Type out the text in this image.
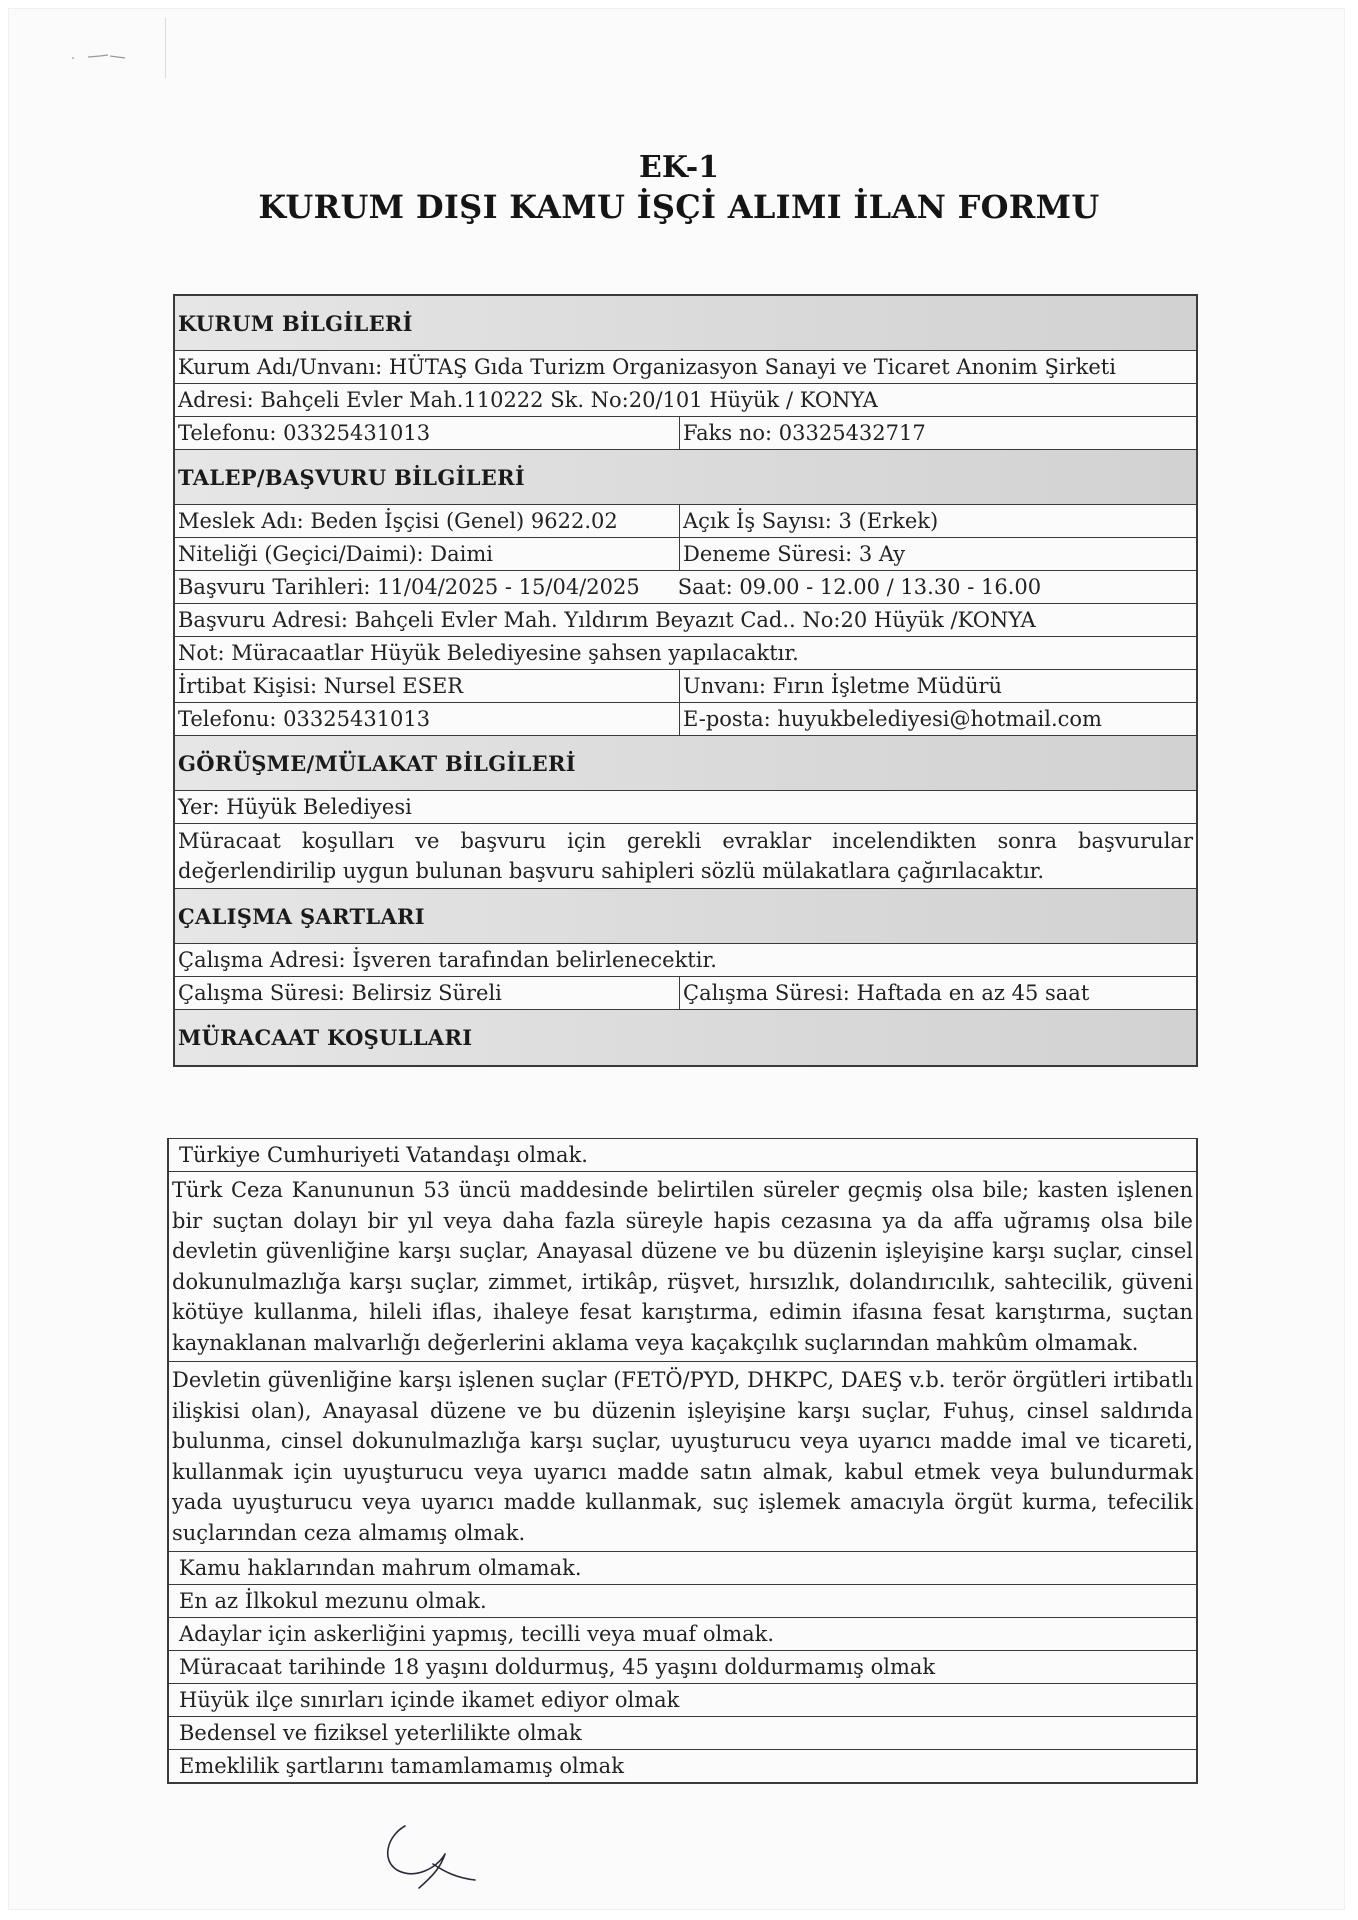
EK-1
KURUM DIŞI KAMU İŞÇİ ALIMI İLAN FORMU
KURUM BİLGİLERİ
Kurum Adı/Unvanı: HÜTAŞ Gıda Turizm Organizasyon Sanayi ve Ticaret Anonim Şirketi
Adresi: Bahçeli Evler Mah.110222 Sk. No:20/101 Hüyük / KONYA
Telefonu: 03325431013	Faks no: 03325432717
TALEP/BAŞVURU BİLGİLERİ
Meslek Adı: Beden İşçisi (Genel) 9622.02	Açık İş Sayısı: 3 (Erkek)
Niteliği (Geçici/Daimi): Daimi	Deneme Süresi: 3 Ay
Başvuru Tarihleri: 11/04/2025 - 15/04/2025 Saat: 09.00 - 12.00 / 13.30 - 16.00
Başvuru Adresi: Bahçeli Evler Mah. Yıldırım Beyazıt Cad.. No:20 Hüyük /KONYA
Not: Müracaatlar Hüyük Belediyesine şahsen yapılacaktır.
İrtibat Kişisi: Nursel ESER	Unvanı: Fırın İşletme Müdürü
Telefonu: 03325431013	E-posta: huyukbelediyesi@hotmail.com
GÖRÜŞME/MÜLAKAT BİLGİLERİ
Yer: Hüyük Belediyesi
Müracaat koşulları ve başvuru için gerekli evraklar incelendikten sonra başvurular değerlendirilip uygun bulunan başvuru sahipleri sözlü mülakatlara çağırılacaktır.
ÇALIŞMA ŞARTLARI
Çalışma Adresi: İşveren tarafından belirlenecektir.
Çalışma Süresi: Belirsiz Süreli	Çalışma Süresi: Haftada en az 45 saat
MÜRACAAT KOŞULLARI
Türkiye Cumhuriyeti Vatandaşı olmak.
Türk Ceza Kanununun 53 üncü maddesinde belirtilen süreler geçmiş olsa bile; kasten işlenen bir suçtan dolayı bir yıl veya daha fazla süreyle hapis cezasına ya da affa uğramış olsa bile devletin güvenliğine karşı suçlar, Anayasal düzene ve bu düzenin işleyişine karşı suçlar, cinsel dokunulmazlığa karşı suçlar, zimmet, irtikâp, rüşvet, hırsızlık, dolandırıcılık, sahtecilik, güveni kötüye kullanma, hileli iflas, ihaleye fesat karıştırma, edimin ifasına fesat karıştırma, suçtan kaynaklanan malvarlığı değerlerini aklama veya kaçakçılık suçlarından mahkûm olmamak.
Devletin güvenliğine karşı işlenen suçlar (FETÖ/PYD, DHKPC, DAEŞ v.b. terör örgütleri irtibatlı ilişkisi olan), Anayasal düzene ve bu düzenin işleyişine karşı suçlar, Fuhuş, cinsel saldırıda bulunma, cinsel dokunulmazlığa karşı suçlar, uyuşturucu veya uyarıcı madde imal ve ticareti, kullanmak için uyuşturucu veya uyarıcı madde satın almak, kabul etmek veya bulundurmak yada uyuşturucu veya uyarıcı madde kullanmak, suç işlemek amacıyla örgüt kurma, tefecilik suçlarından ceza almamış olmak.
Kamu haklarından mahrum olmamak.
En az İlkokul mezunu olmak.
Adaylar için askerliğini yapmış, tecilli veya muaf olmak.
Müracaat tarihinde 18 yaşını doldurmuş, 45 yaşını doldurmamış olmak
Hüyük ilçe sınırları içinde ikamet ediyor olmak
Bedensel ve fiziksel yeterlilikte olmak
Emeklilik şartlarını tamamlamamış olmak
